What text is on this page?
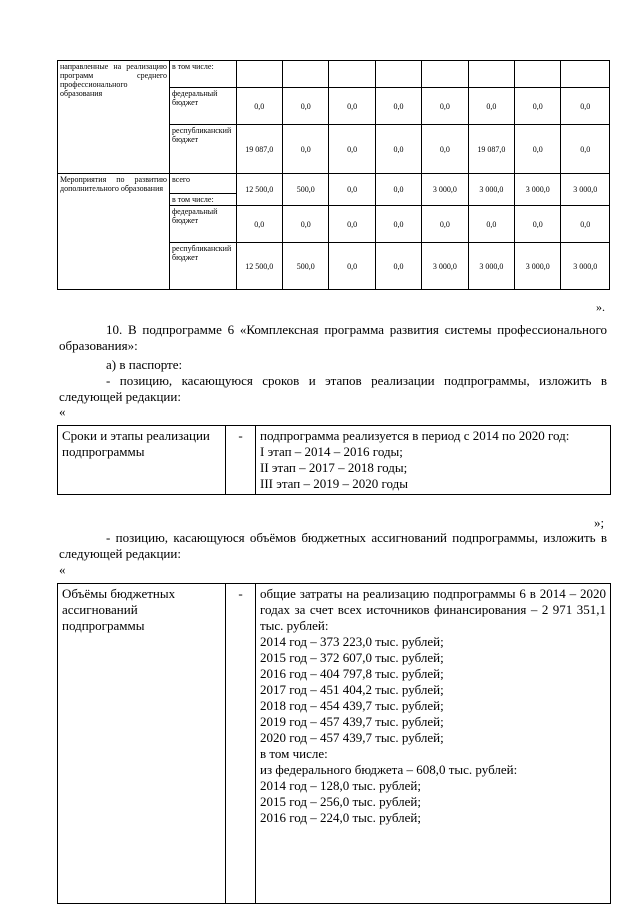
направленные на реализацию программ среднего профессионального образования	в том числе:								
	федеральный бюджет	0,0	0,0	0,0	0,0	0,0	0,0	0,0	0,0
	республиканский бюджет	19 087,0	0,0	0,0	0,0	0,0	19 087,0	0,0	0,0
Мероприятия по развитию дополнительного образования	всего	12 500,0	500,0	0,0	0,0	3 000,0	3 000,0	3 000,0	3 000,0
	в том числе:								
	федеральный бюджет	0,0	0,0	0,0	0,0	0,0	0,0	0,0	0,0
	республиканский бюджет	12 500,0	500,0	0,0	0,0	3 000,0	3 000,0	3 000,0	3 000,0
».
10. В подпрограмме 6 «Комплексная программа развития системы профессионального образования»:
а) в паспорте:
- позицию, касающуюся сроков и этапов реализации подпрограммы, изложить в следующей редакции:
«
Сроки и этапы реализации подпрограммы	-	подпрограмма реализуется в период с 2014 по 2020 год:
I этап – 2014 – 2016 годы;
II этап – 2017 – 2018 годы;
III этап – 2019 – 2020 годы
»;
- позицию, касающуюся объёмов бюджетных ассигнований подпрограммы, изложить в следующей редакции:
«
Объёмы бюджетных ассигнований подпрограммы	-	общие затраты на реализацию подпрограммы 6 в 2014 – 2020 годах за счет всех источников финансирования – 2 971 351,1 тыс. рублей:
2014 год – 373 223,0 тыс. рублей;
2015 год – 372 607,0 тыс. рублей;
2016 год – 404 797,8 тыс. рублей;
2017 год – 451 404,2 тыс. рублей;
2018 год – 454 439,7 тыс. рублей;
2019 год – 457 439,7 тыс. рублей;
2020 год – 457 439,7 тыс. рублей;
в том числе:
из федерального бюджета – 608,0 тыс. рублей:
2014 год – 128,0 тыс. рублей;
2015 год – 256,0 тыс. рублей;
2016 год – 224,0 тыс. рублей;
